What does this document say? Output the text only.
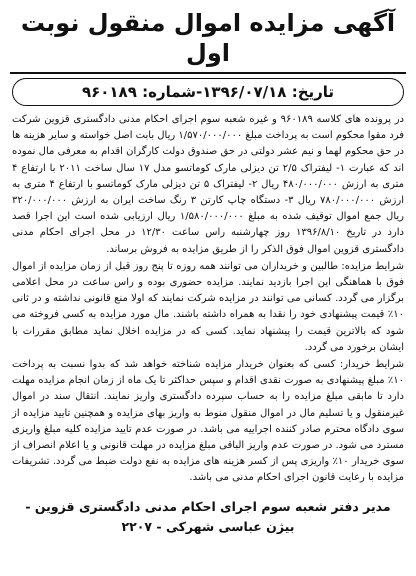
آگهی مزایده اموال منقول نوبت اول
تاریخ: ۱۳۹۶/۰۷/۱۸-شماره: ۹۶۰۱۸۹

در پرونده های کلاسه ۹۶۰۱۸۹ و غیره شعبه سوم اجرای احکام مدنی دادگستری قزوین شرکت فرد مقوا محکوم است به پرداخت مبلغ ۱/۵۷۰/۰۰۰/۰۰۰ ریال بابت اصل خواسته و سایر هزینه ها در حق محکوم لهما و نیم عشر دولتی در حق صندوق دولت کارگران اقدام به معرفی مال نموده اند که عبارت ۱- لیفتراک ۲/۵ تن دیزلی مارک کوماتسو مدل ۱۷ سال ساخت ۲۰۱۱ با ارتفاع ۴ متری به ارزش ۴۸۰/۰۰۰/۰۰۰ ریال ۲- لیفتراک ۵ تن دیزلی مارک کوماتسو با ارتفاع ۴ متری به ارزش ۷۸۰/۰۰۰/۰۰۰ ریال ۳- دستگاه چاپ کارتن ۳ رنگ ساخت ایران به ارزش ۳۲۰/۰۰۰/۰۰۰ ریال جمع اموال توقیف شده به مبلغ ۱/۵۸۰/۰۰۰/۰۰۰ ریال ارزیابی شده است این اجرا قصد دارد در تاریخ ۱۳۹۶/۸/۱۰ روز چهارشنبه راس ساعت ۱۲/۳۰ در محل اجرای احکام مدنی دادگستری قزوین اموال فوق الذکر را از طریق مزایده به فروش برساند.

شرایط مزایده: طالبین و خریداران می توانند همه روزه تا پنج روز قبل از زمان مزایده از اموال فوق با هماهنگی این اجرا بازدید نمایند. مزایده حضوری بوده و راس ساعت در محل اعلامی برگزار می گردد. کسانی می توانند در مزایده شرکت نمایند که اولا منع قانونی نداشته و در ثانی ۱۰٪ قیمت پیشنهادی خود را نقدا به همراه داشته باشند. مال مورد مزایده به کسی فروخته می شود که بالاترین قیمت را پیشنهاد نماید. کسی که در مزایده اخلال نماید مطابق مقررات با ایشان برخورد می گردد.

شرایط خریدار: کسی که بعنوان خریدار مزایده شناخته خواهد شد که بدوا نسبت به پرداخت ۱۰٪ مبلغ پیشنهادی به صورت نقدی اقدام و سپس حداکثر تا یک ماه از زمان انجام مزایده مهلت دارد تا مابقی مبلغ مزایده را به حساب سپرده دادگستری واریز نمایند. انتقال سند در اموال غیرمنقول و یا تسلیم مال در اموال منقول منوط به واریز بهای مزایده و همچنین تایید مزایده از سوی دادگاه محترم صادر کننده اجراییه می باشد. در صورت عدم تایید مزایده کلیه مبلغ واریزی مسترد می شود. در صورت عدم واریز الباقی مبلغ مزایده در مهلت قانونی و یا اعلام انصراف از سوی خریدار ۱۰٪ واریزی پس از کسر هزینه های مزایده به نفع دولت ضبط می گردد. تشریفات مزایده با رعایت قانون اجرای احکام مدنی می باشد.

مدیر دفتر شعبه سوم اجرای احکام مدنی دادگستری قزوین -
بیژن عباسی شهرکی - ۲۲۰۷
